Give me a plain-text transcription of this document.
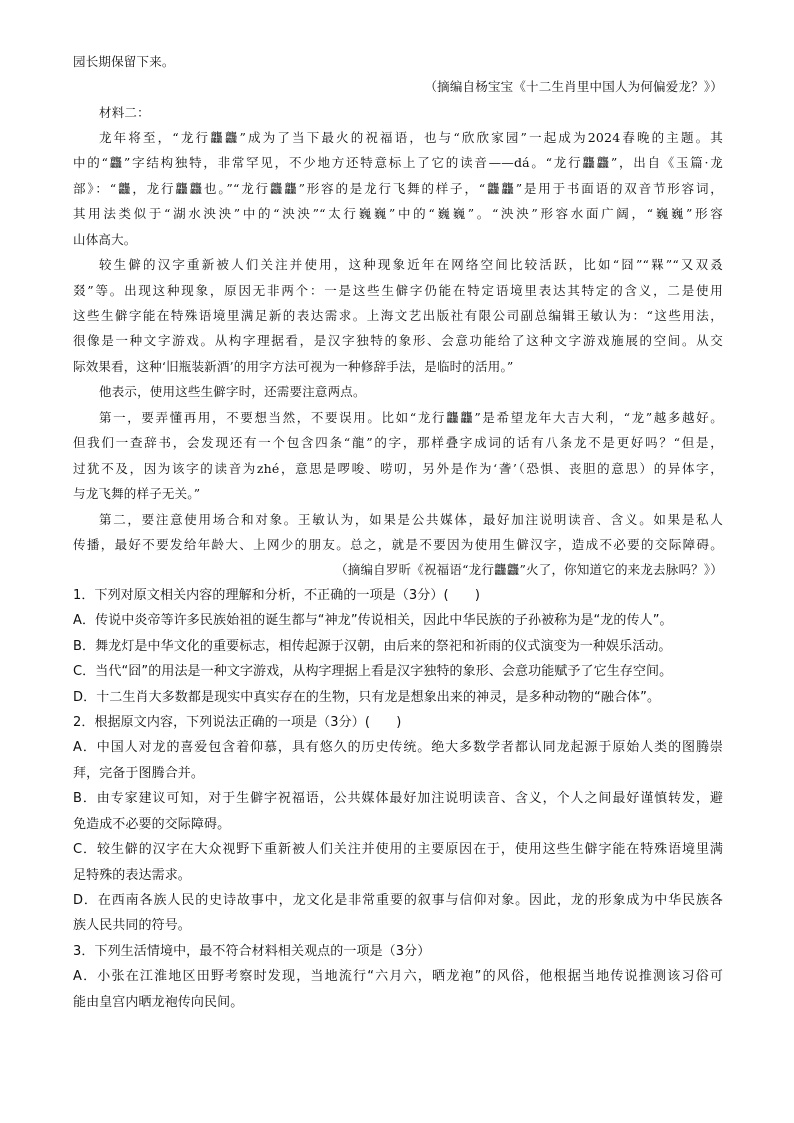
园长期保留下来。
（摘编自杨宝宝《十二生肖里中国人为何偏爱龙？》）
材料二：
龙年将至，“龙行龘龘”成为了当下最火的祝福语，也与“欣欣家园”一起成为2024春晚的主题。其
中的“龘”字结构独特，非常罕见，不少地方还特意标上了它的读音——dá。“龙行龘龘”，出自《玉篇·龙
部》：“龘，龙行龘龘也。”“龙行龘龘”形容的是龙行飞舞的样子，“龘龘”是用于书面语的双音节形容词，
其用法类似于“湖水泱泱”中的“泱泱”“太行巍巍”中的“巍巍”。“泱泱”形容水面广阔，“巍巍”形容
山体高大。
较生僻的汉字重新被人们关注并使用，这种现象近年在网络空间比较活跃，比如“囧”“槑”“又双叒
叕”等。出现这种现象，原因无非两个：一是这些生僻字仍能在特定语境里表达其特定的含义，二是使用
这些生僻字能在特殊语境里满足新的表达需求。上海文艺出版社有限公司副总编辑王敏认为：“这些用法，
很像是一种文字游戏。从构字理据看，是汉字独特的象形、会意功能给了这种文字游戏施展的空间。从交
际效果看，这种‘旧瓶装新酒’的用字方法可视为一种修辞手法，是临时的活用。”
他表示，使用这些生僻字时，还需要注意两点。
第一，要弄懂再用，不要想当然，不要误用。比如“龙行龘龘”是希望龙年大吉大利，“龙”越多越好。
但我们一查辞书，会发现还有一个包含四条“龍”的字，那样叠字成词的话有八条龙不是更好吗？“但是，
过犹不及，因为该字的读音为zhé，意思是啰唆、唠叨，另外是作为‘詟’（恐惧、丧胆的意思）的异体字，
与龙飞舞的样子无关。”
第二，要注意使用场合和对象。王敏认为，如果是公共媒体，最好加注说明读音、含义。如果是私人
传播，最好不要发给年龄大、上网少的朋友。总之，就是不要因为使用生僻汉字，造成不必要的交际障碍。
（摘编自罗昕《祝福语“龙行龘龘”火了，你知道它的来龙去脉吗？》）
1．下列对原文相关内容的理解和分析，不正确的一项是（3分）(　　)
A．传说中炎帝等许多民族始祖的诞生都与“神龙”传说相关，因此中华民族的子孙被称为是“龙的传人”。
B．舞龙灯是中华文化的重要标志，相传起源于汉朝，由后来的祭祀和祈雨的仪式演变为一种娱乐活动。
C．当代“囧”的用法是一种文字游戏，从构字理据上看是汉字独特的象形、会意功能赋予了它生存空间。
D．十二生肖大多数都是现实中真实存在的生物，只有龙是想象出来的神灵，是多种动物的“融合体”。
2．根据原文内容，下列说法正确的一项是（3分）(　　)
A．中国人对龙的喜爱包含着仰慕，具有悠久的历史传统。绝大多数学者都认同龙起源于原始人类的图腾崇
拜，完备于图腾合并。
B．由专家建议可知，对于生僻字祝福语，公共媒体最好加注说明读音、含义，个人之间最好谨慎转发，避
免造成不必要的交际障碍。
C．较生僻的汉字在大众视野下重新被人们关注并使用的主要原因在于，使用这些生僻字能在特殊语境里满
足特殊的表达需求。
D．在西南各族人民的史诗故事中，龙文化是非常重要的叙事与信仰对象。因此，龙的形象成为中华民族各
族人民共同的符号。
3．下列生活情境中，最不符合材料相关观点的一项是（3分）
A．小张在江淮地区田野考察时发现，当地流行“六月六，晒龙袍”的风俗，他根据当地传说推测该习俗可
能由皇宫内晒龙袍传向民间。
